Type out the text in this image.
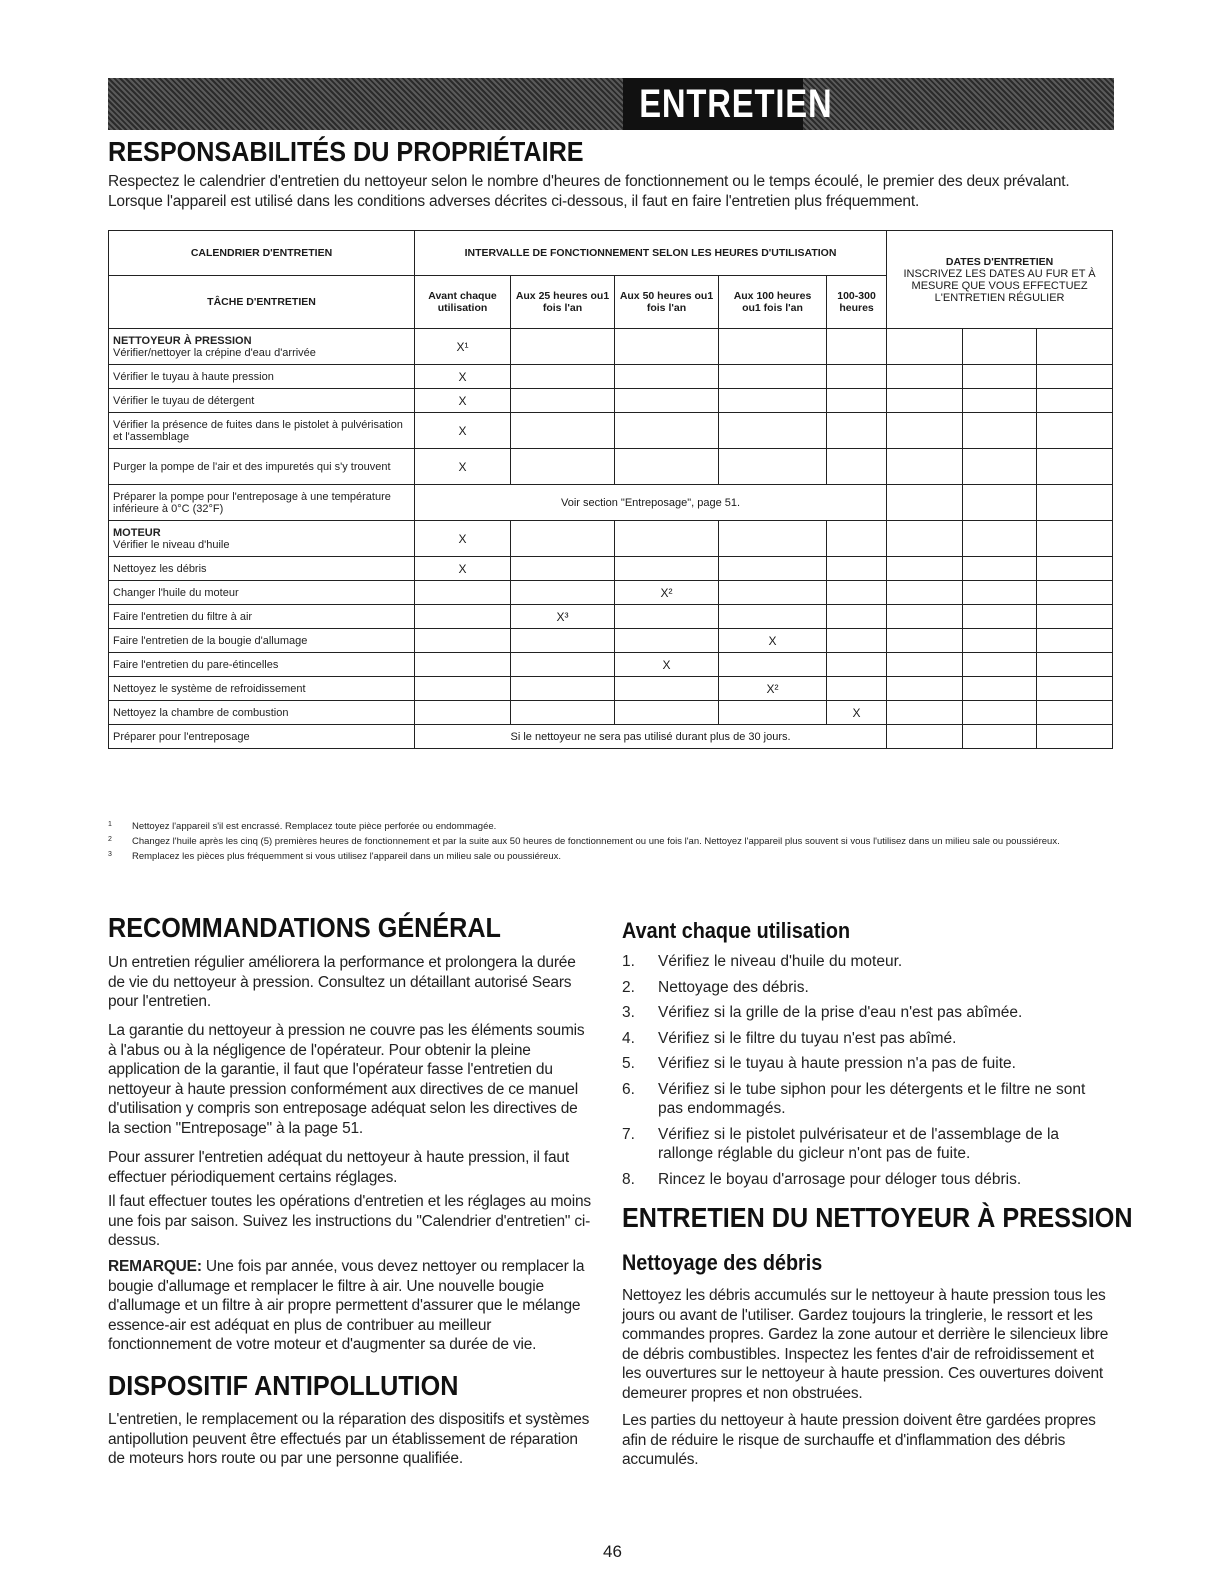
ENTRETIEN
RESPONSABILITÉS DU PROPRIÉTAIRE
Respectez le calendrier d'entretien du nettoyeur selon le nombre d'heures de fonctionnement ou le temps écoulé, le premier des deux prévalant. Lorsque l'appareil est utilisé dans les conditions adverses décrites ci-dessous, il faut en faire l'entretien plus fréquemment.
CALENDRIER D'ENTRETIEN	INTERVALLE DE FONCTIONNEMENT SELON LES HEURES D'UTILISATION					DATES D'ENTRETIEN
INSCRIVEZ LES DATES AU FUR ET À MESURE QUE VOUS EFFECTUEZ L'ENTRETIEN RÉGULIER		
TÂCHE D'ENTRETIEN	Avant chaque utilisation	Aux 25 heures ou1 fois l'an	Aux 50 heures ou1 fois l'an	Aux 100 heures ou1 fois l'an	100-300 heures			

NETTOYEUR À PRESSION
Vérifier/nettoyer la crépine d'eau d'arrivée	X¹							
Vérifier le tuyau à haute pression	X							
Vérifier le tuyau de détergent	X							
Vérifier la présence de fuites dans le pistolet à pulvérisation et l'assemblage	X							
Purger la pompe de l'air et des impuretés qui s'y trouvent	X							
Préparer la pompe pour l'entreposage à une température inférieure à 0°C (32°F)	Voir section "Entreposage", page 51.							

MOTEUR
Vérifier le niveau d'huile	X							
Nettoyez les débris	X							
Changer l'huile du moteur			X²					
Faire l'entretien du filtre à air		X³						
Faire l'entretien de la bougie d'allumage				X				
Faire l'entretien du pare-étincelles			X					
Nettoyez le système de refroidissement				X²				
Nettoyez la chambre de combustion					X			
Préparer pour l'entreposage	Si le nettoyeur ne sera pas utilisé durant plus de 30 jours.							
1 Nettoyez l'appareil s'il est encrassé. Remplacez toute pièce perforée ou endommagée.
2 Changez l'huile après les cinq (5) premières heures de fonctionnement et par la suite aux 50 heures de fonctionnement ou une fois l'an. Nettoyez l'appareil plus souvent si vous l'utilisez dans un milieu sale ou poussiéreux.
3 Remplacez les pièces plus fréquemment si vous utilisez l'appareil dans un milieu sale ou poussiéreux.
RECOMMANDATIONS GÉNÉRAL
Un entretien régulier améliorera la performance et prolongera la durée de vie du nettoyeur à pression. Consultez un détaillant autorisé Sears pour l'entretien.
La garantie du nettoyeur à pression ne couvre pas les éléments soumis à l'abus ou à la négligence de l'opérateur. Pour obtenir la pleine application de la garantie, il faut que l'opérateur fasse l'entretien du nettoyeur à haute pression conformément aux directives de ce manuel d'utilisation y compris son entreposage adéquat selon les directives de la section "Entreposage" à la page 51.
Pour assurer l'entretien adéquat du nettoyeur à haute pression, il faut effectuer périodiquement certains réglages.
Il faut effectuer toutes les opérations d'entretien et les réglages au moins une fois par saison. Suivez les instructions du "Calendrier d'entretien" ci-dessus.
REMARQUE: Une fois par année, vous devez nettoyer ou remplacer la bougie d'allumage et remplacer le filtre à air. Une nouvelle bougie d'allumage et un filtre à air propre permettent d'assurer que le mélange essence-air est adéquat en plus de contribuer au meilleur fonctionnement de votre moteur et d'augmenter sa durée de vie.
DISPOSITIF ANTIPOLLUTION
L'entretien, le remplacement ou la réparation des dispositifs et systèmes antipollution peuvent être effectués par un établissement de réparation de moteurs hors route ou par une personne qualifiée.
Avant chaque utilisation
1. Vérifiez le niveau d'huile du moteur.
2. Nettoyage des débris.
3. Vérifiez si la grille de la prise d'eau n'est pas abîmée.
4. Vérifiez si le filtre du tuyau n'est pas abîmé.
5. Vérifiez si le tuyau à haute pression n'a pas de fuite.
6. Vérifiez si le tube siphon pour les détergents et le filtre ne sont pas endommagés.
7. Vérifiez si le pistolet pulvérisateur et de l'assemblage de la rallonge réglable du gicleur n'ont pas de fuite.
8. Rincez le boyau d'arrosage pour déloger tous débris.
ENTRETIEN DU NETTOYEUR À PRESSION
Nettoyage des débris
Nettoyez les débris accumulés sur le nettoyeur à haute pression tous les jours ou avant de l'utiliser. Gardez toujours la tringlerie, le ressort et les commandes propres. Gardez la zone autour et derrière le silencieux libre de débris combustibles. Inspectez les fentes d'air de refroidissement et les ouvertures sur le nettoyeur à haute pression. Ces ouvertures doivent demeurer propres et non obstruées.
Les parties du nettoyeur à haute pression doivent être gardées propres afin de réduire le risque de surchauffe et d'inflammation des débris accumulés.
46
